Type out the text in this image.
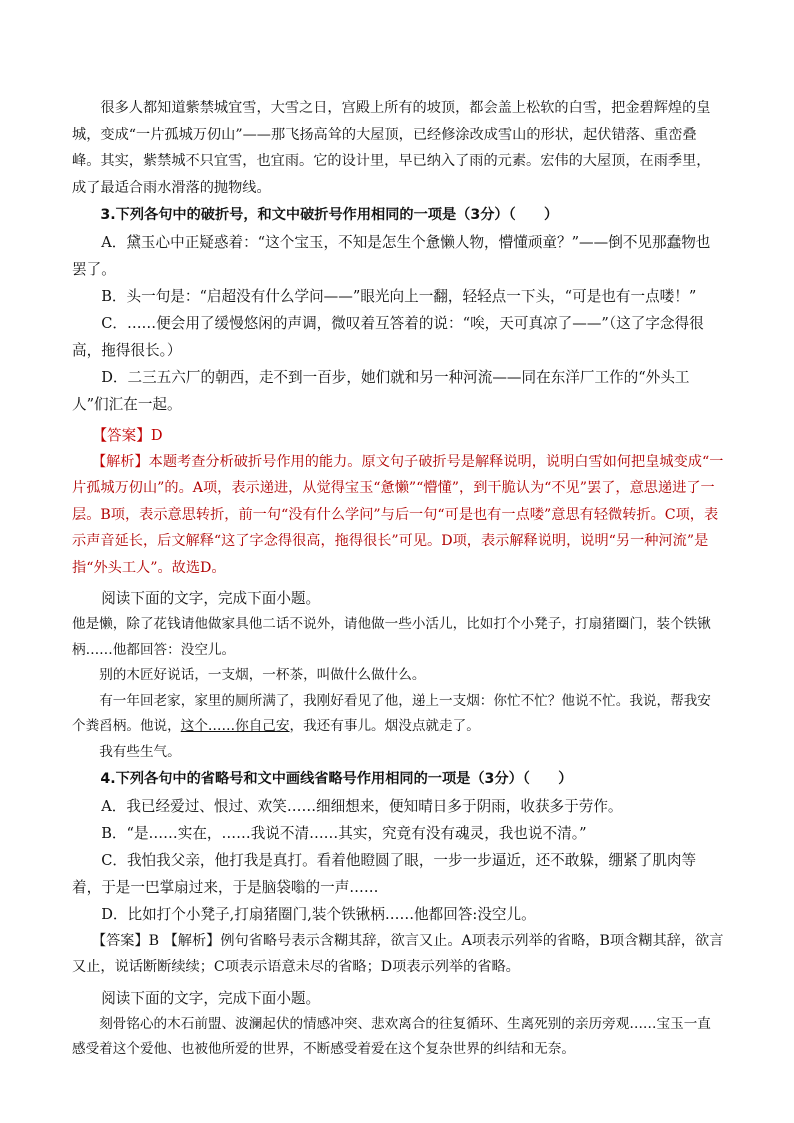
很多人都知道紫禁城宜雪，大雪之日，宫殿上所有的坡顶，都会盖上松软的白雪，把金碧辉煌的皇城，变成“一片孤城万仞山”——那飞扬高耸的大屋顶，已经修涂改成雪山的形状，起伏错落、重峦叠峰。其实，紫禁城不只宜雪，也宜雨。它的设计里，早已纳入了雨的元素。宏伟的大屋顶，在雨季里，成了最适合雨水滑落的抛物线。

3.下列各句中的破折号，和文中破折号作用相同的一项是（3分）（　　）

A．黛玉心中正疑惑着：“这个宝玉，不知是怎生个惫懒人物，懵懂顽童？”——倒不见那蠢物也罢了。

B．头一句是：“启超没有什么学问——”眼光向上一翻，轻轻点一下头，“可是也有一点喽！”

C．……便会用了缓慢悠闲的声调，微叹着互答着的说：“唉，天可真凉了——”（这了字念得很高，拖得很长。）

D．二三五六厂的朝西，走不到一百步，她们就和另一种河流——同在东洋厂工作的“外头工人”们汇在一起。

【答案】D

【解析】本题考查分析破折号作用的能力。原文句子破折号是解释说明，说明白雪如何把皇城变成“一片孤城万仞山”的。A项，表示递进，从觉得宝玉“惫懒”“懵懂”，到干脆认为“不见”罢了，意思递进了一层。B项，表示意思转折，前一句“没有什么学问”与后一句“可是也有一点喽”意思有轻微转折。C项，表示声音延长，后文解释“这了字念得很高，拖得很长”可见。D项，表示解释说明，说明“另一种河流”是指“外头工人”。故选D。

阅读下面的文字，完成下面小题。

他是懒，除了花钱请他做家具他二话不说外，请他做一些小活儿，比如打个小凳子，打扇猪圈门，装个铁锹柄……他都回答：没空儿。

别的木匠好说话，一支烟，一杯茶，叫做什么做什么。

有一年回老家，家里的厕所满了，我刚好看见了他，递上一支烟：你忙不忙？他说不忙。我说，帮我安个粪舀柄。他说，这个……你自己安，我还有事儿。烟没点就走了。

我有些生气。

4.下列各句中的省略号和文中画线省略号作用相同的一项是（3分）（　　）

A．我已经爱过、恨过、欢笑……细细想来，便知晴日多于阴雨，收获多于劳作。

B．“是……实在，……我说不清……其实，究竟有没有魂灵，我也说不清。”

C．我怕我父亲，他打我是真打。看着他瞪圆了眼，一步一步逼近，还不敢躲，绷紧了肌肉等着，于是一巴掌扇过来，于是脑袋嗡的一声……

D．比如打个小凳子,打扇猪圈门,装个铁锹柄……他都回答:没空儿。

【答案】B 【解析】例句省略号表示含糊其辞，欲言又止。A项表示列举的省略，B项含糊其辞，欲言又止，说话断断续续；C项表示语意未尽的省略；D项表示列举的省略。

阅读下面的文字，完成下面小题。

刻骨铭心的木石前盟、波澜起伏的情感冲突、悲欢离合的往复循环、生离死别的亲历旁观……宝玉一直感受着这个爱他、也被他所爱的世界，不断感受着爱在这个复杂世界的纠结和无奈。
